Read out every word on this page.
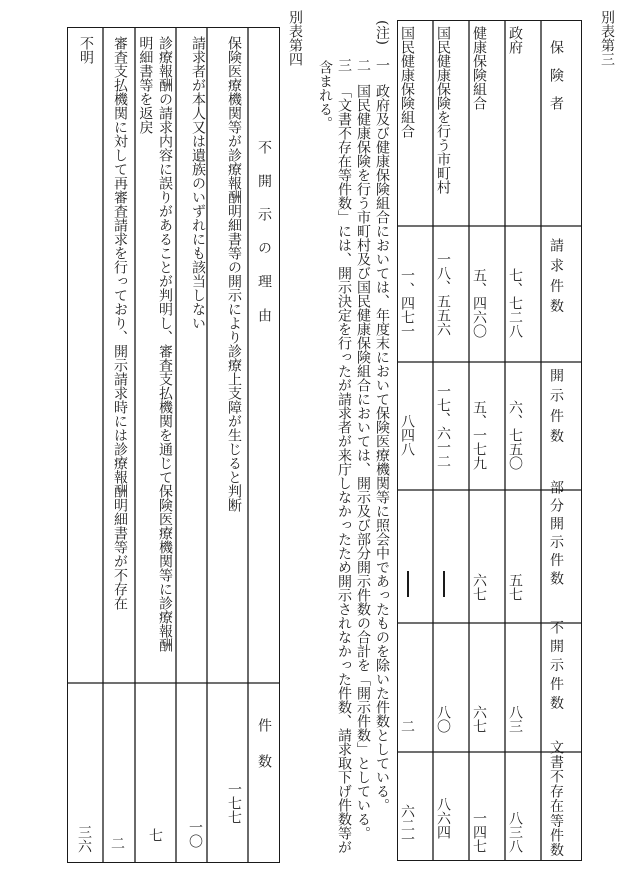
別表第三
保険者
請求件数
開示件数
部分開示件数
不開示件数
文書不存在等件数
政府
七、七二八
六、七五〇
五七
八三
八三八
健康保険組合
五、四六〇
五、一七九
六七
六七
一四七
国民健康保険を行う市町村
一八、五五六
一七、六一二
八〇
八六四
(注)
一
政府及び健康保険組合においては、年度末において保険医療機関等に照会中であったものを除いた件数としている。
二
国民健康保険を行う市町村及び国民健康保険組合においては、開示及び部分開示件数の合計を「開示件数」としている。
三
「文書不存在等件数」には、開示決定を行ったが請求者が来庁しなかったため開示されなかった件数、請求取下げ件数等が
含まれる。
別表第四
不開示の理由
件数
保険医療機関等が診療報酬明細書等の開示により診療上支障が生じると判断
一七七
請求者が本人又は遺族のいずれにも該当しない
一〇
診療報酬の請求内容に誤りがあることが判明し、審査支払機関を通じて保険医療機関等に診療報酬明細書等を返戻
七
審査支払機関に対して再審査請求を行っており、開示請求時には診療報酬明細書等が不存在
二
不明
三六
国民健康保険組合
一、四七一
八四八
二
六二一
